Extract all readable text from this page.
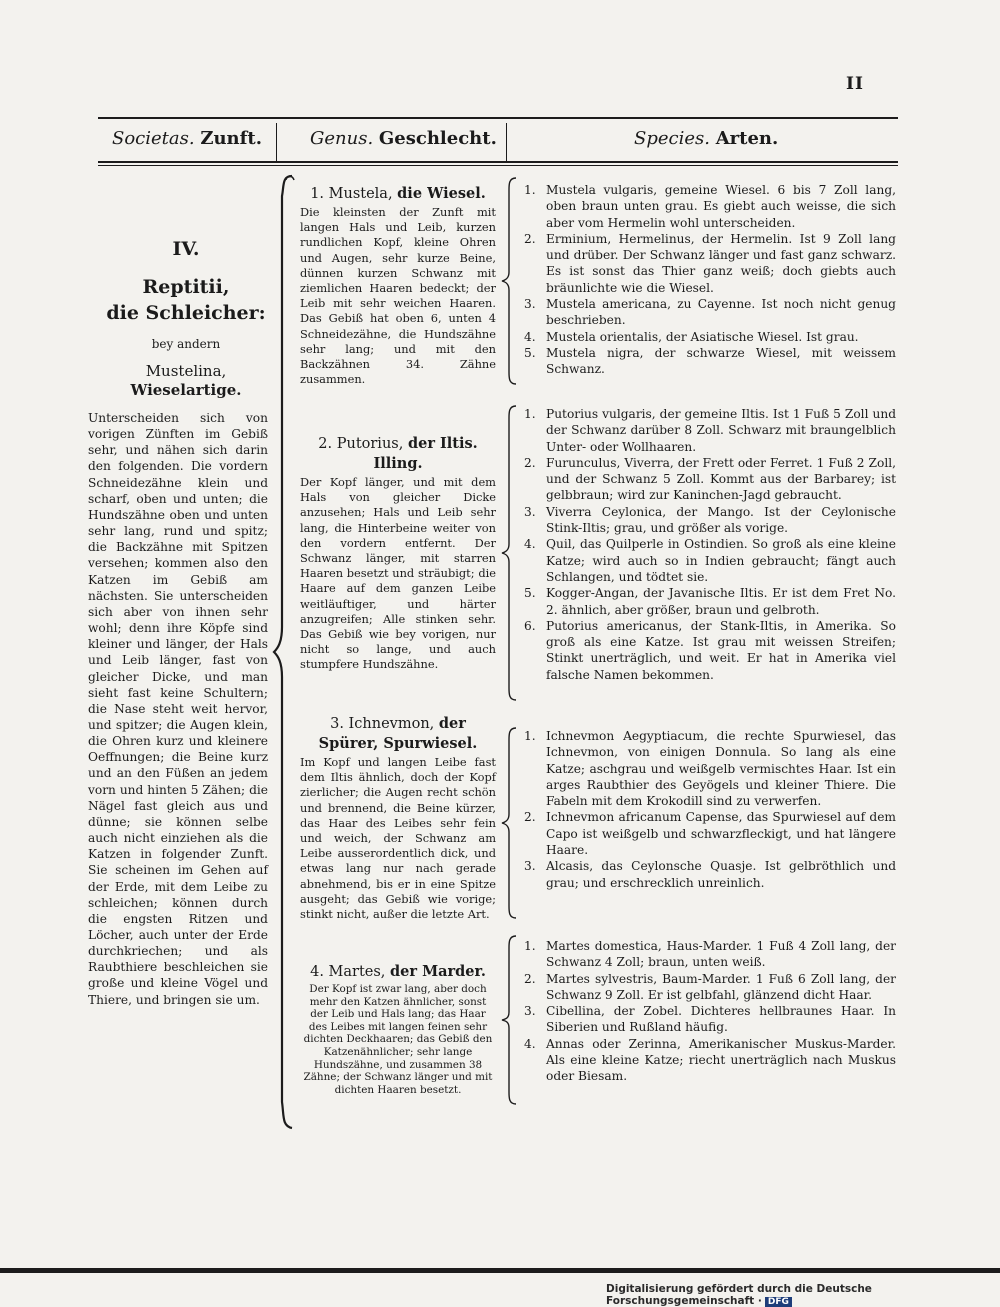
II
Societas. Zunft.	Genus. Geschlecht.	Species. Arten.
IV.
Reptitii,
die Schleicher:
bey andern
Mustelina,
Wieselartige.
Unterscheiden sich von vorigen Zünften im Gebiß sehr, und nähen sich darin den folgenden. Die vordern Schneidezähne klein und scharf, oben und unten; die Hundszähne oben und unten sehr lang, rund und spitz; die Backzähne mit Spitzen versehen; kommen also den Katzen im Gebiß am nächsten. Sie unterscheiden sich aber von ihnen sehr wohl; denn ihre Köpfe sind kleiner und länger, der Hals und Leib länger, fast von gleicher Dicke, und man sieht fast keine Schultern; die Nase steht weit hervor, und spitzer; die Augen klein, die Ohren kurz und kleinere Oeffnungen; die Beine kurz und an den Füßen an jedem vorn und hinten 5 Zähen; die Nägel fast gleich aus und dünne; sie können selbe auch nicht einziehen als die Katzen in folgender Zunft. Sie scheinen im Gehen auf der Erde, mit dem Leibe zu schleichen; können durch die engsten Ritzen und Löcher, auch unter der Erde durchkriechen; und als Raubthiere beschleichen sie große und kleine Vögel und Thiere, und bringen sie um.
1. Mustela, die Wiesel.
Die kleinsten der Zunft mit langen Hals und Leib, kurzen rundlichen Kopf, kleine Ohren und Augen, sehr kurze Beine, dünnen kurzen Schwanz mit ziemlichen Haaren bedeckt; der Leib mit sehr weichen Haaren. Das Gebiß hat oben 6, unten 4 Schneidezähne, die Hundszähne sehr lang; und mit den Backzähnen 34. Zähne zusammen.
2. Putorius, der Iltis. Illing.
Der Kopf länger, und mit dem Hals von gleicher Dicke anzusehen; Hals und Leib sehr lang, die Hinterbeine weiter von den vordern entfernt. Der Schwanz länger, mit starren Haaren besetzt und sträubigt; die Haare auf dem ganzen Leibe weitläuftiger, und härter anzugreifen; Alle stinken sehr. Das Gebiß wie bey vorigen, nur nicht so lange, und auch stumpfere Hundszähne.
3. Ichnevmon, der Spürer, Spurwiesel.
Im Kopf und langen Leibe fast dem Iltis ähnlich, doch der Kopf zierlicher; die Augen recht schön und brennend, die Beine kürzer, das Haar des Leibes sehr fein und weich, der Schwanz am Leibe ausserordentlich dick, und etwas lang nur nach gerade abnehmend, bis er in eine Spitze ausgeht; das Gebiß wie vorige; stinkt nicht, außer die letzte Art.
4. Martes, der Marder.
Der Kopf ist zwar lang, aber doch mehr den Katzen ähnlicher, sonst der Leib und Hals lang; das Haar des Leibes mit langen feinen sehr dichten Deckhaaren; das Gebiß den Katzenähnlicher; sehr lange Hundszähne, und zusammen 38 Zähne; der Schwanz länger und mit dichten Haaren besetzt.
1. Mustela vulgaris, gemeine Wiesel. 6 bis 7 Zoll lang, oben braun unten grau. Es giebt auch weisse, die sich aber vom Hermelin wohl unterscheiden.
2. Erminium, Hermelinus, der Hermelin. Ist 9 Zoll lang und drüber. Der Schwanz länger und fast ganz schwarz. Es ist sonst das Thier ganz weiß; doch giebts auch bräunlichte wie die Wiesel.
3. Mustela americana, zu Cayenne. Ist noch nicht genug beschrieben.
4. Mustela orientalis, der Asiatische Wiesel. Ist grau.
5. Mustela nigra, der schwarze Wiesel, mit weissem Schwanz.
1. Putorius vulgaris, der gemeine Iltis. Ist 1 Fuß 5 Zoll und der Schwanz darüber 8 Zoll. Schwarz mit braungelblich Unter- oder Wollhaaren.
2. Furunculus, Viverra, der Frett oder Ferret. 1 Fuß 2 Zoll, und der Schwanz 5 Zoll. Kommt aus der Barbarey; ist gelbbraun; wird zur Kaninchen-Jagd gebraucht.
3. Viverra Ceylonica, der Mango. Ist der Ceylonische Stink-Iltis; grau, und größer als vorige.
4. Quil, das Quilperle in Ostindien. So groß als eine kleine Katze; wird auch so in Indien gebraucht; fängt auch Schlangen, und tödtet sie.
5. Kogger-Angan, der Javanische Iltis. Er ist dem Fret No. 2. ähnlich, aber größer, braun und gelbroth.
6. Putorius americanus, der Stank-Iltis, in Amerika. So groß als eine Katze. Ist grau mit weissen Streifen; Stinkt unerträglich, und weit. Er hat in Amerika viel falsche Namen bekommen.
1. Ichnevmon Aegyptiacum, die rechte Spurwiesel, das Ichnevmon, von einigen Donnula. So lang als eine Katze; aschgrau und weißgelb vermischtes Haar. Ist ein arges Raubthier des Geyögels und kleiner Thiere. Die Fabeln mit dem Krokodill sind zu verwerfen.
2. Ichnevmon africanum Capense, das Spurwiesel auf dem Capo ist weißgelb und schwarzfleckigt, und hat längere Haare.
3. Alcasis, das Ceylonsche Quasje. Ist gelbröthlich und grau; und erschrecklich unreinlich.
1. Martes domestica, Haus-Marder. 1 Fuß 4 Zoll lang, der Schwanz 4 Zoll; braun, unten weiß.
2. Martes sylvestris, Baum-Marder. 1 Fuß 6 Zoll lang, der Schwanz 9 Zoll. Er ist gelbfahl, glänzend dicht Haar.
3. Cibellina, der Zobel. Dichteres hellbraunes Haar. In Siberien und Rußland häufig.
4. Annas oder Zerinna, Amerikanischer Muskus-Marder. Als eine kleine Katze; riecht unerträglich nach Muskus oder Biesam.
Digitalisierung gefördert durch die Deutsche Forschungsgemeinschaft · DFG
